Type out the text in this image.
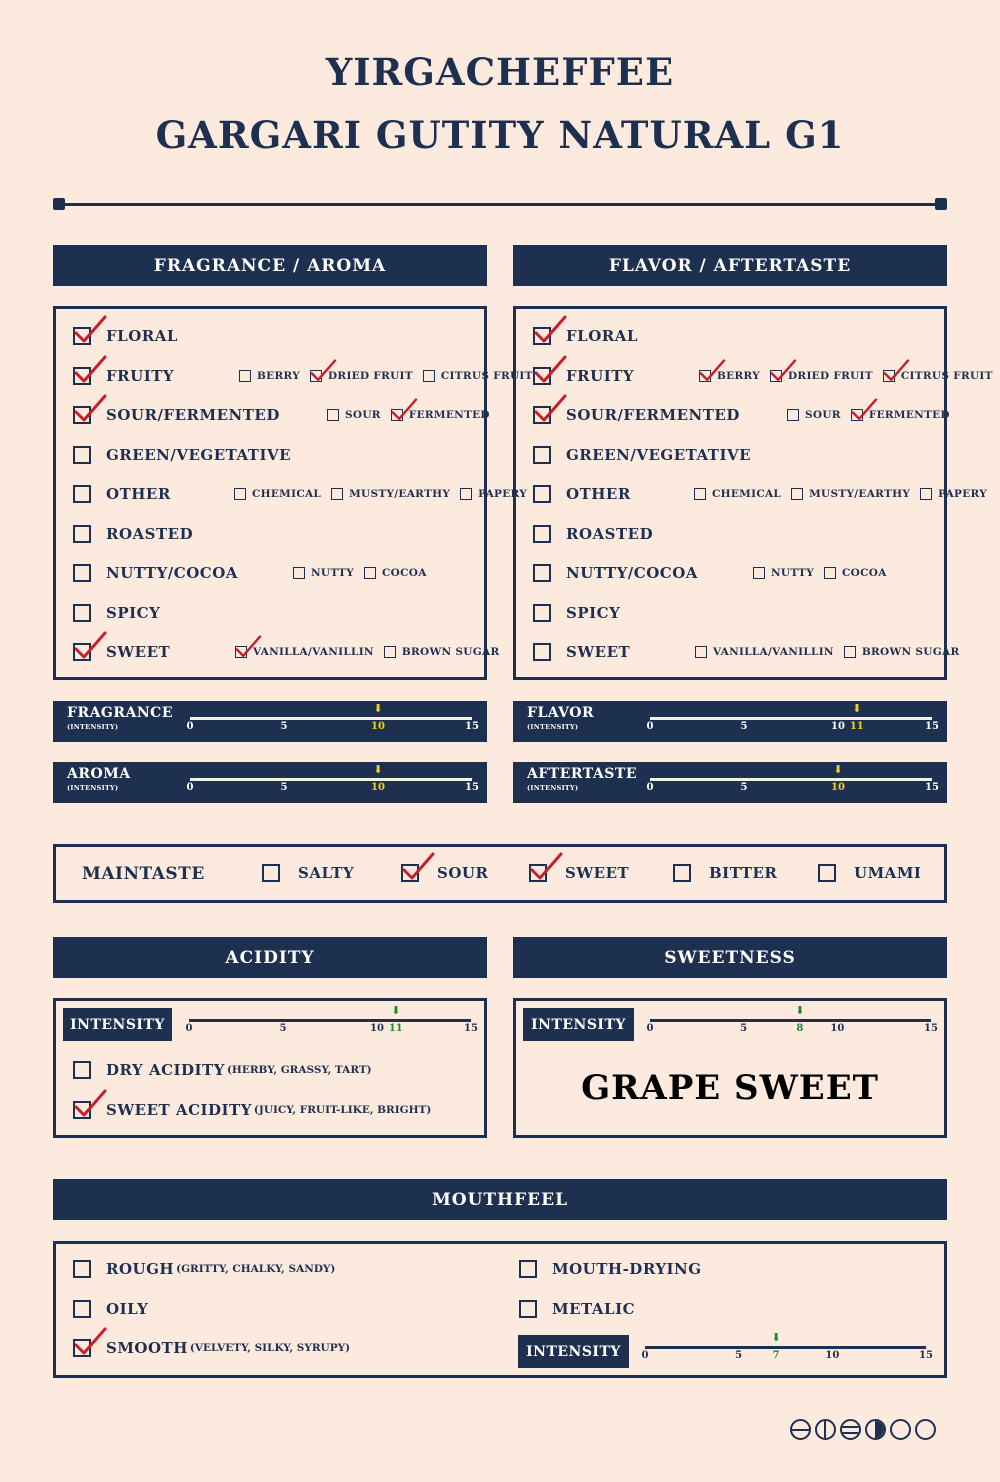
YIRGACHEFFEE
GARGARI GUTITY NATURAL G1
FRAGRANCE / AROMA	FLAVOR / AFTERTASTE
FLORAL
FRUITY	BERRY	DRIED FRUIT	CITRUS FRUIT
SOUR/FERMENTED	SOUR	FERMENTED
GREEN/VEGETATIVE
OTHER	CHEMICAL	MUSTY/EARTHY	PAPERY
ROASTED
NUTTY/COCOA	NUTTY	COCOA
SPICY
SWEET	VANILLA/VANILLIN	BROWN SUGAR
FLORAL
FRUITY	BERRY	DRIED FRUIT	CITRUS FRUIT
SOUR/FERMENTED	SOUR	FERMENTED
GREEN/VEGETATIVE
OTHER	CHEMICAL	MUSTY/EARTHY	PAPERY
ROASTED
NUTTY/COCOA	NUTTY	COCOA
SPICY
SWEET	VANILLA/VANILLIN	BROWN SUGAR
FRAGRANCE
(INTENSITY)	0	5	10	15
⬇
AROMA
(INTENSITY)	0	5	10	15
⬇
FLAVOR
(INTENSITY)	0	5	10	15
⬇
11
AFTERTASTE
(INTENSITY)	0	5	10	15
⬇
MAINTASTE	SALTY	SOUR	SWEET	BITTER	UMAMI
ACIDITY
INTENSITY	0	5	10	15
⬇
11
DRY ACIDITY (HERBY, GRASSY, TART)
SWEET ACIDITY (JUICY, FRUIT-LIKE, BRIGHT)
SWEETNESS
INTENSITY	0	5	10	15
⬇
8
GRAPE SWEET
MOUTHFEEL
ROUGH (GRITTY, CHALKY, SANDY)
OILY
SMOOTH (VELVETY, SILKY, SYRUPY)
MOUTH-DRYING
METALIC
INTENSITY	0	5	10	15
⬇
7
